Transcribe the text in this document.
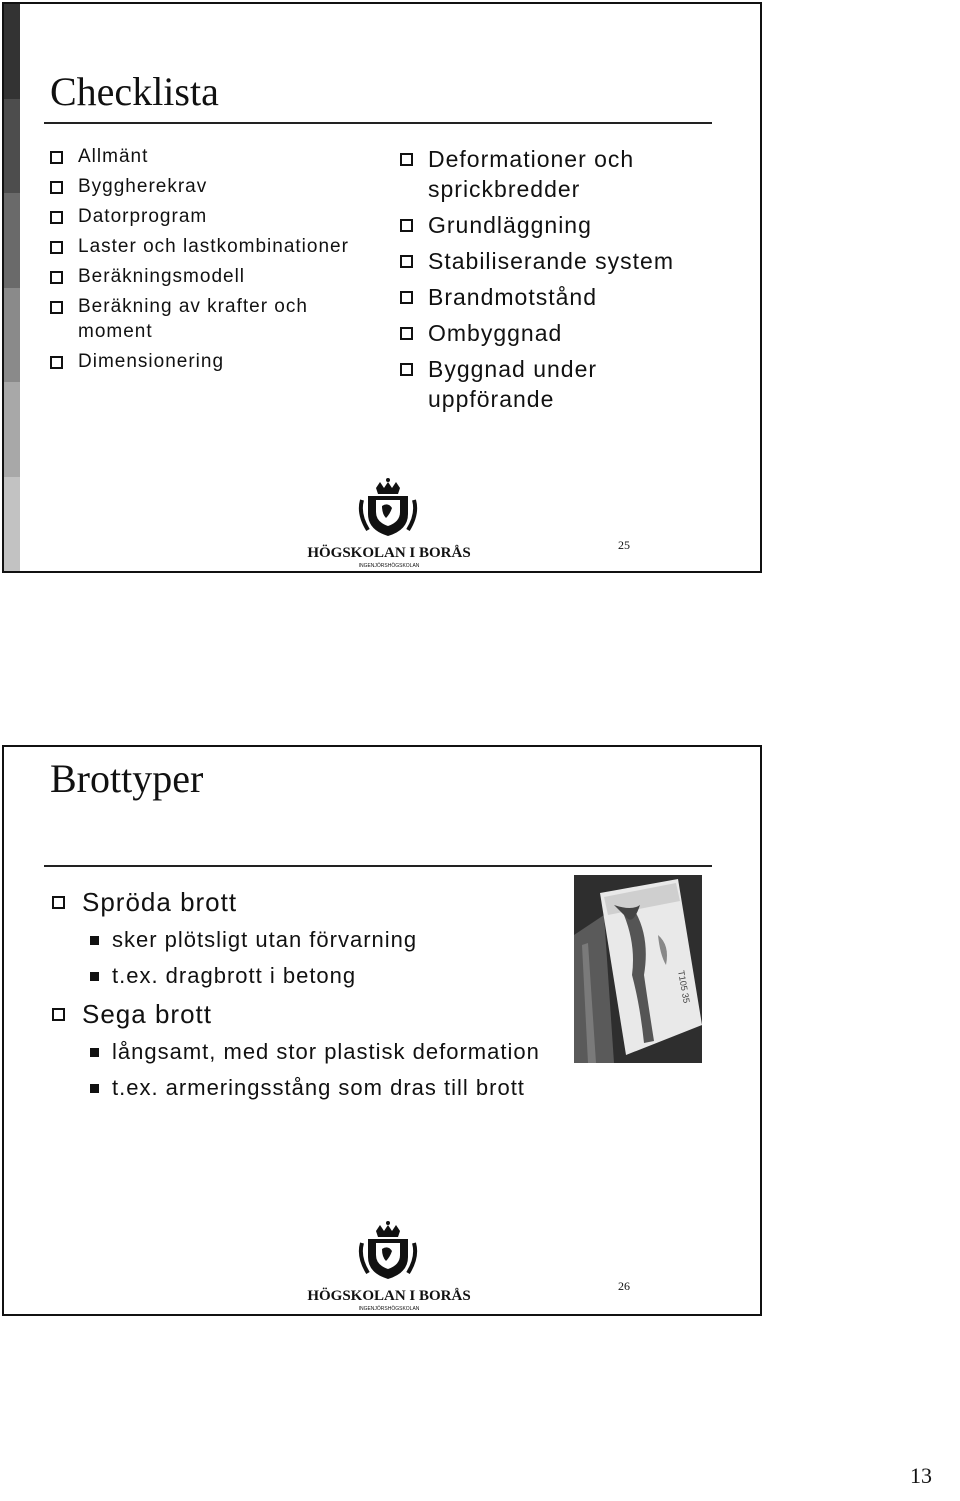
Checklista
Allmänt
Byggherekrav
Datorprogram
Laster och lastkombinationer
Beräkningsmodell
Beräkning av krafter och moment
Dimensionering
Deformationer och sprickbredder
Grundläggning
Stabiliserande system
Brandmotstånd
Ombyggnad
Byggnad under uppförande
HÖGSKOLAN I BORÅS
INGENJÖRSHÖGSKOLAN
25
Brottyper
T105 35
Spröda brott
sker plötsligt utan förvarning
t.ex. dragbrott i betong
Sega brott
långsamt, med stor plastisk deformation
t.ex. armeringsstång som dras till brott
HÖGSKOLAN I BORÅS
INGENJÖRSHÖGSKOLAN
26
13
